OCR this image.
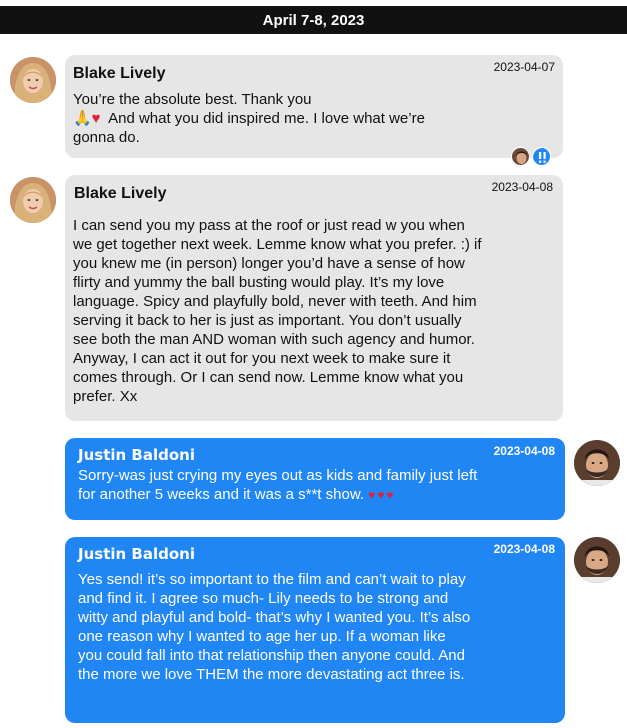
April 7-8, 2023
Blake Lively	2023-04-07
You’re the absolute best. Thank you
🙏♥  And what you did inspired me. I love what we’re gonna do.
Blake Lively	2023-04-08
I can send you my pass at the roof or just read w you when we get together next week. Lemme know what you prefer. :) if you knew me (in person) longer you’d have a sense of how flirty and yummy the ball busting would play. It’s my love language. Spicy and playfully bold, never with teeth. And him serving it back to her is just as important. You don’t usually see both the man AND woman with such agency and humor. Anyway, I can act it out for you next week to make sure it comes through. Or I can send now. Lemme know what you prefer. Xx
Justin Baldoni	2023-04-08
Sorry-was just crying my eyes out as kids and family just left for another 5 weeks and it was a s**t show. ♥♥♥
Justin Baldoni	2023-04-08
Yes send! it’s so important to the film and can’t wait to play and find it. I agree so much- Lily needs to be strong and witty and playful and bold- that’s why I wanted you. It’s also one reason why I wanted to age her up. If a woman like you could fall into that relationship then anyone could. And the more we love THEM the more devastating act three is.
